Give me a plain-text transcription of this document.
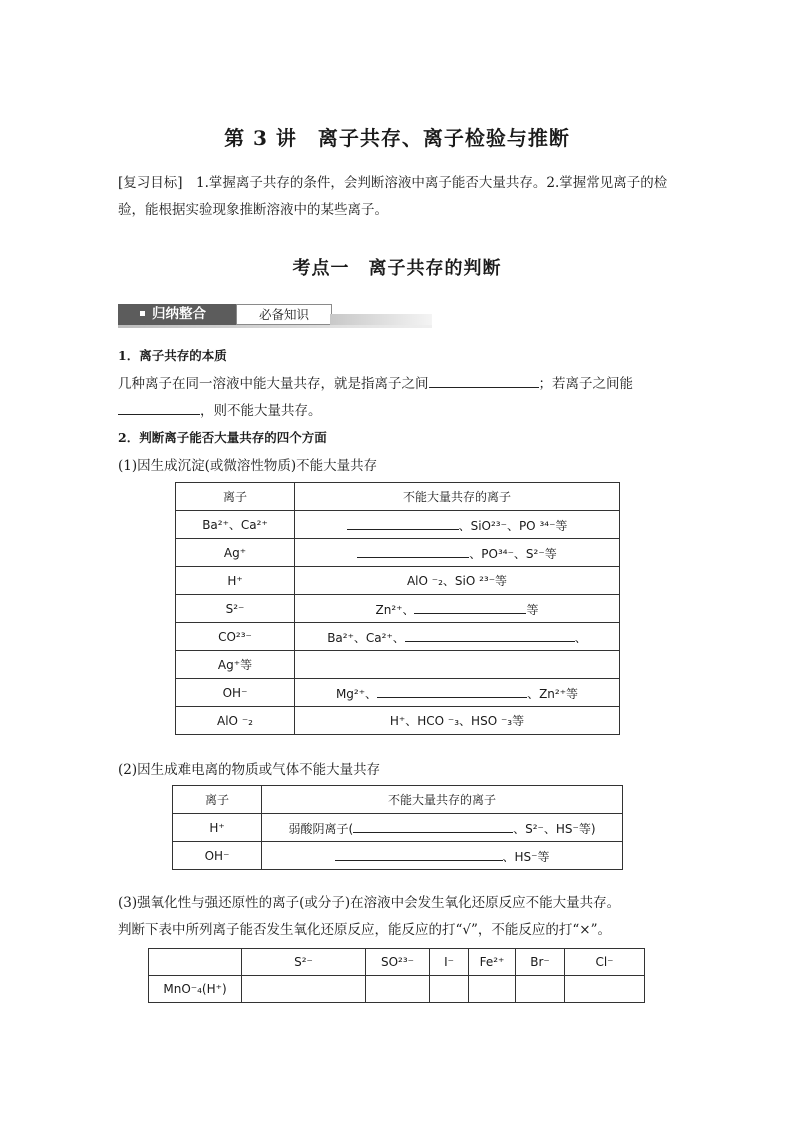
第 3 讲　离子共存、离子检验与推断
[复习目标]　1.掌握离子共存的条件，会判断溶液中离子能否大量共存。2.掌握常见离子的检验，能根据实验现象推断溶液中的某些离子。
考点一　离子共存的判断
归纳整合	必备知识
1．离子共存的本质
几种离子在同一溶液中能大量共存，就是指离子之间	；若离子之间能
，则不能大量共存。
2．判断离子能否大量共存的四个方面
(1)因生成沉淀(或微溶性物质)不能大量共存
离子	不能大量共存的离子
Ba²⁺、Ca²⁺	、SiO²³⁻、PO ³⁴⁻等
Ag⁺	、PO³⁴⁻、S²⁻等
H⁺	AlO ⁻₂、SiO ²³⁻等
S²⁻	Zn²⁺、 等
CO²³⁻	Ba²⁺、Ca²⁺、 、
Ag⁺等	
OH⁻	Mg²⁺、 、Zn²⁺等
AlO ⁻₂	H⁺、HCO ⁻₃、HSO ⁻₃等
(2)因生成难电离的物质或气体不能大量共存
离子	不能大量共存的离子
H⁺	弱酸阴离子( 、S²⁻、HS⁻等)
OH⁻	、HS⁻等
(3)强氧化性与强还原性的离子(或分子)在溶液中会发生氧化还原反应不能大量共存。
判断下表中所列离子能否发生氧化还原反应，能反应的打“√”，不能反应的打“×”。
	S²⁻	SO²³⁻	I⁻	Fe²⁺	Br⁻	Cl⁻
MnO⁻₄(H⁺)						
